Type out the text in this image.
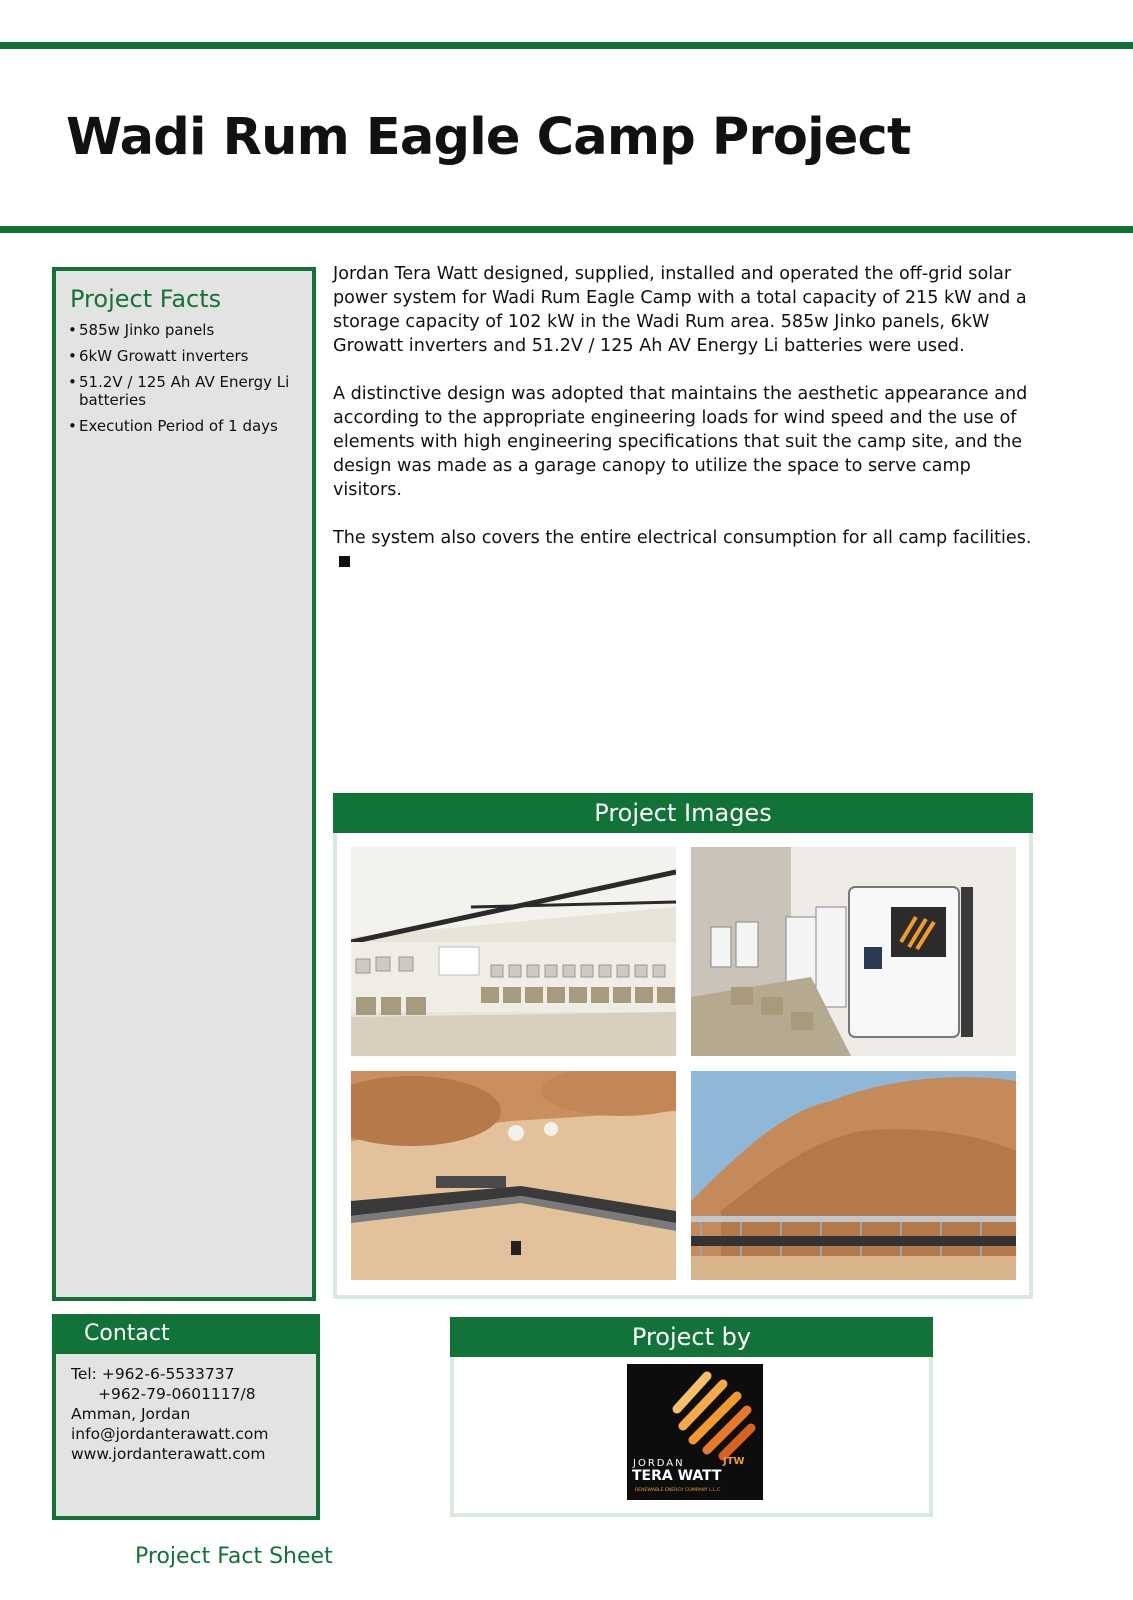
Wadi Rum Eagle Camp Project
Project Facts
• 585w Jinko panels
• 6kW Growatt inverters
• 51.2V / 125 Ah AV Energy Li batteries
• Execution Period of 1 days

Jordan Tera Watt designed, supplied, installed and operated the off-grid solar power system for Wadi Rum Eagle Camp with a total capacity of 215 kW and a storage capacity of 102 kW in the Wadi Rum area. 585w Jinko panels, 6kW Growatt inverters and 51.2V / 125 Ah AV Energy Li batteries were used.

A distinctive design was adopted that maintains the aesthetic appearance and according to the appropriate engineering loads for wind speed and the use of elements with high engineering specifications that suit the camp site, and the design was made as a garage canopy to utilize the space to serve camp visitors.

The system also covers the entire electrical consumption for all camp facilities.

Project Images
Contact
Tel: +962-6-5533737
+962-79-0601117/8
Amman, Jordan
info@jordanterawatt.com
www.jordanterawatt.com
Project by
JORDAN	JTW
TERA WATT
RENEWABLE ENERGY COMPANY L.L.C
Project Fact Sheet
